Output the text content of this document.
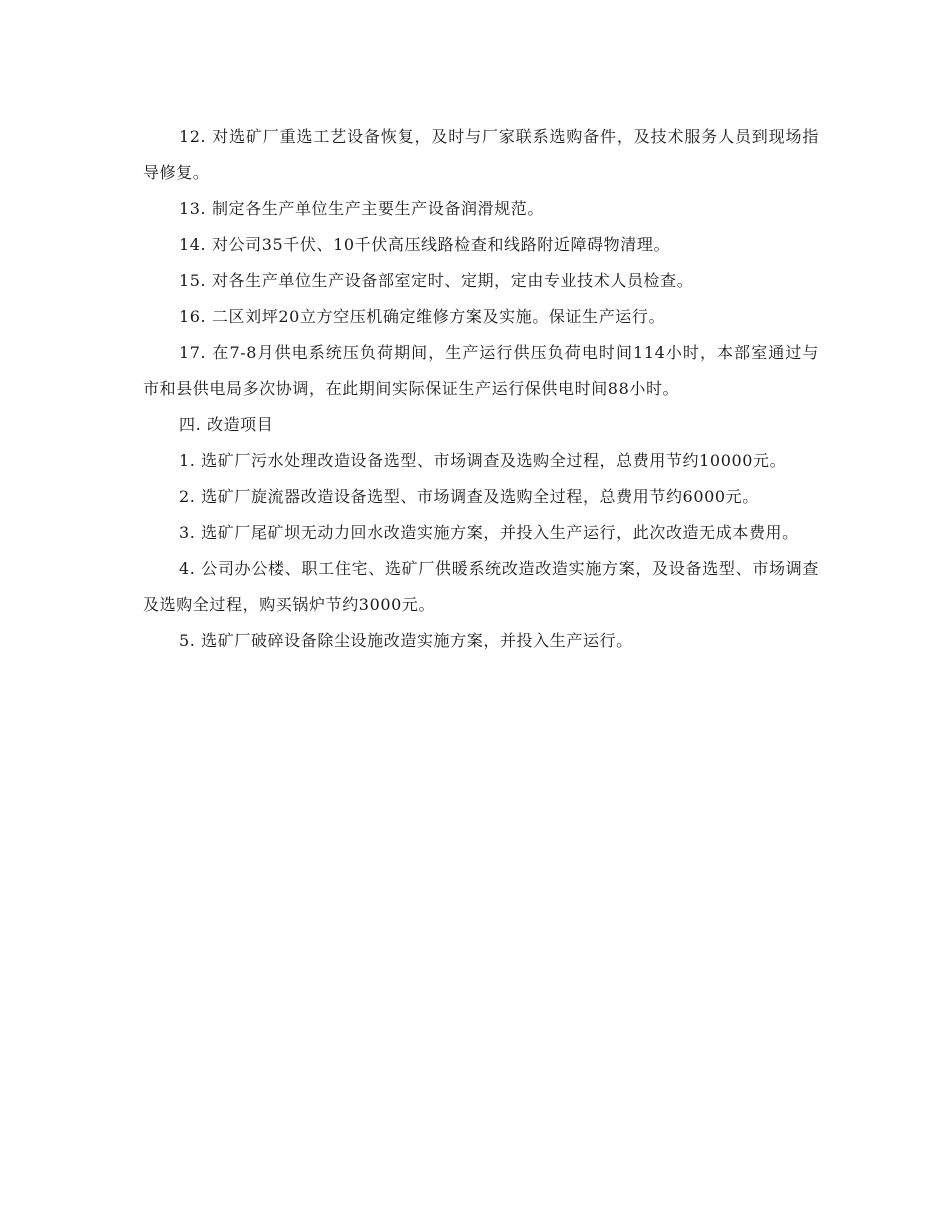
12. 对选矿厂重选工艺设备恢复，及时与厂家联系选购备件，及技术服务人员到现场指导修复。

13. 制定各生产单位生产主要生产设备润滑规范。

14. 对公司35千伏、10千伏高压线路检查和线路附近障碍物清理。

15. 对各生产单位生产设备部室定时、定期，定由专业技术人员检查。

16. 二区刘坪20立方空压机确定维修方案及实施。保证生产运行。

17. 在7-8月供电系统压负荷期间，生产运行供压负荷电时间114小时，本部室通过与市和县供电局多次协调，在此期间实际保证生产运行保供电时间88小时。

四. 改造项目

1. 选矿厂污水处理改造设备选型、市场调查及选购全过程，总费用节约10000元。

2. 选矿厂旋流器改造设备选型、市场调查及选购全过程，总费用节约6000元。

3. 选矿厂尾矿坝无动力回水改造实施方案，并投入生产运行，此次改造无成本费用。

4. 公司办公楼、职工住宅、选矿厂供暖系统改造改造实施方案，及设备选型、市场调查及选购全过程，购买锅炉节约3000元。

5. 选矿厂破碎设备除尘设施改造实施方案，并投入生产运行。
